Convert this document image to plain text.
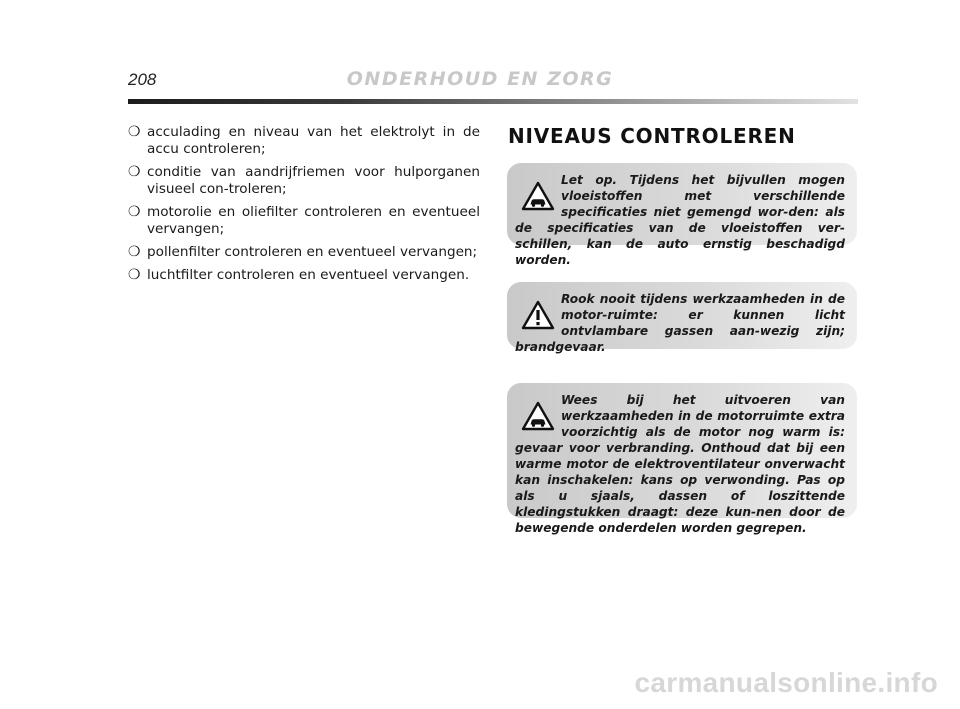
208	ONDERHOUD EN ZORG
❍ acculading en niveau van het elektrolyt in de accu controleren;
❍ conditie van aandrijfriemen voor hulporganen visueel con-troleren;
❍ motorolie en oliefilter controleren en eventueel vervangen;
❍ pollenfilter controleren en eventueel vervangen;
❍ luchtfilter controleren en eventueel vervangen.
NIVEAUS CONTROLEREN
Let op. Tijdens het bijvullen mogen vloeistoffen met verschillende specificaties niet gemengd wor-den: als de specificaties van de vloeistoffen ver-schillen, kan de auto ernstig beschadigd worden.
Rook nooit tijdens werkzaamheden in de motor-ruimte: er kunnen licht ontvlambare gassen aan-wezig zijn; brandgevaar.
Wees bij het uitvoeren van werkzaamheden in de motorruimte extra voorzichtig als de motor nog warm is: gevaar voor verbranding. Onthoud dat bij een warme motor de elektroventilateur onverwacht kan inschakelen: kans op verwonding. Pas op als u sjaals, dassen of loszittende kledingstukken draagt: deze kun-nen door de bewegende onderdelen worden gegrepen.
carmanualsonline.info
